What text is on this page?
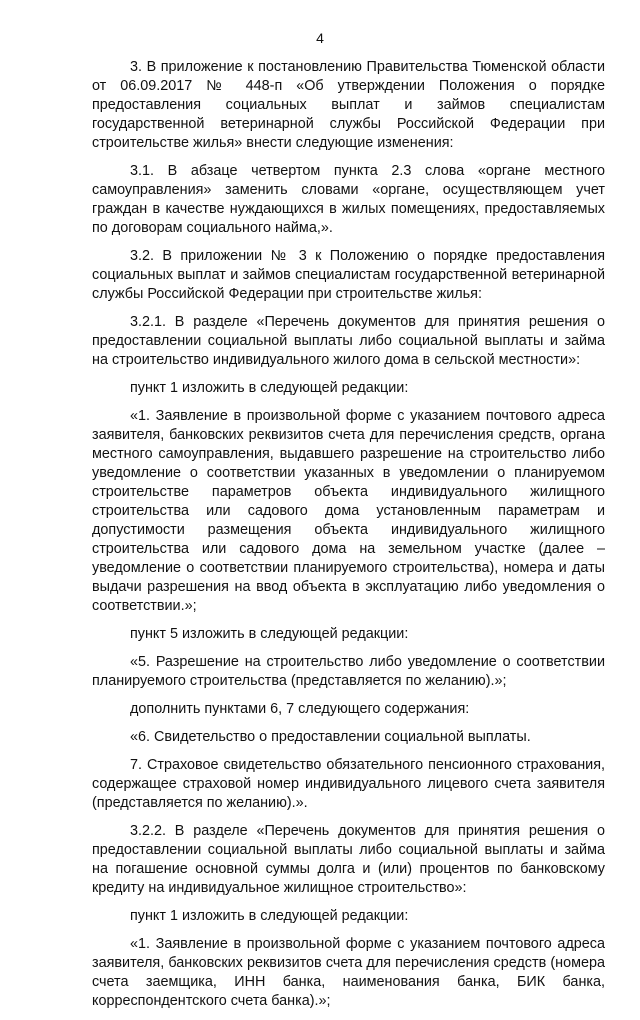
4

3. В приложение к постановлению Правительства Тюменской области от 06.09.2017 № 448-п «Об утверждении Положения о порядке предоставления социальных выплат и займов специалистам государственной ветеринарной службы Российской Федерации при строительстве жилья» внести следующие изменения:

3.1. В абзаце четвертом пункта 2.3 слова «органе местного самоуправления» заменить словами «органе, осуществляющем учет граждан в качестве нуждающихся в жилых помещениях, предоставляемых по договорам социального найма,».

3.2. В приложении № 3 к Положению о порядке предоставления социальных выплат и займов специалистам государственной ветеринарной службы Российской Федерации при строительстве жилья:

3.2.1. В разделе «Перечень документов для принятия решения о предоставлении социальной выплаты либо социальной выплаты и займа на строительство индивидуального жилого дома в сельской местности»:

пункт 1 изложить в следующей редакции:

«1. Заявление в произвольной форме с указанием почтового адреса заявителя, банковских реквизитов счета для перечисления средств, органа местного самоуправления, выдавшего разрешение на строительство либо уведомление о соответствии указанных в уведомлении о планируемом строительстве параметров объекта индивидуального жилищного строительства или садового дома установленным параметрам и допустимости размещения объекта индивидуального жилищного строительства или садового дома на земельном участке (далее – уведомление о соответствии планируемого строительства), номера и даты выдачи разрешения на ввод объекта в эксплуатацию либо уведомления о соответствии.»;

пункт 5 изложить в следующей редакции:

«5. Разрешение на строительство либо уведомление о соответствии планируемого строительства (представляется по желанию).»;

дополнить пунктами 6, 7 следующего содержания:

«6. Свидетельство о предоставлении социальной выплаты.

7. Страховое свидетельство обязательного пенсионного страхования, содержащее страховой номер индивидуального лицевого счета заявителя (представляется по желанию).».

3.2.2. В разделе «Перечень документов для принятия решения о предоставлении социальной выплаты либо социальной выплаты и займа на погашение основной суммы долга и (или) процентов по банковскому кредиту на индивидуальное жилищное строительство»:

пункт 1 изложить в следующей редакции:

«1. Заявление в произвольной форме с указанием почтового адреса заявителя, банковских реквизитов счета для перечисления средств (номера счета заемщика, ИНН банка, наименования банка, БИК банка, корреспондентского счета банка).»;
